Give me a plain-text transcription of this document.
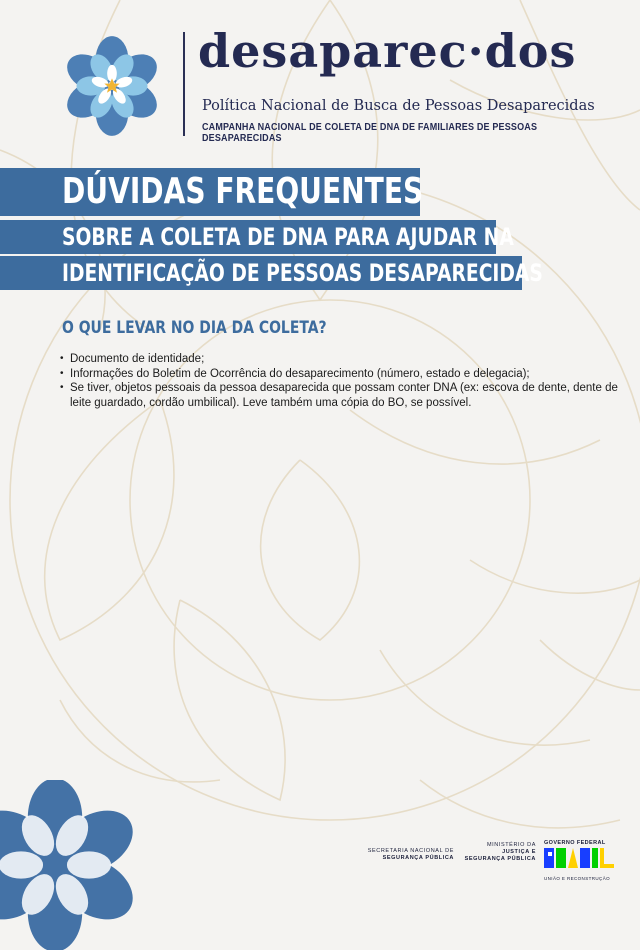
desaparec·dos
Política Nacional de Busca de Pessoas Desaparecidas
CAMPANHA NACIONAL DE COLETA DE DNA DE FAMILIARES DE PESSOAS DESAPARECIDAS
DÚVIDAS FREQUENTES
SOBRE A COLETA DE DNA PARA AJUDAR NA
IDENTIFICAÇÃO DE PESSOAS DESAPARECIDAS
O QUE LEVAR NO DIA DA COLETA?
• Documento de identidade;
• Informações do Boletim de Ocorrência do desaparecimento (número, estado e delegacia);
• Se tiver, objetos pessoais da pessoa desaparecida que possam conter DNA (ex: escova de dente, dente de leite guardado, cordão umbilical). Leve também uma cópia do BO, se possível.
SECRETARIA NACIONAL DE
SEGURANÇA PÚBLICA
MINISTÉRIO DA
JUSTIÇA E
SEGURANÇA PÚBLICA
GOVERNO FEDERAL
UNIÃO E RECONSTRUÇÃO
